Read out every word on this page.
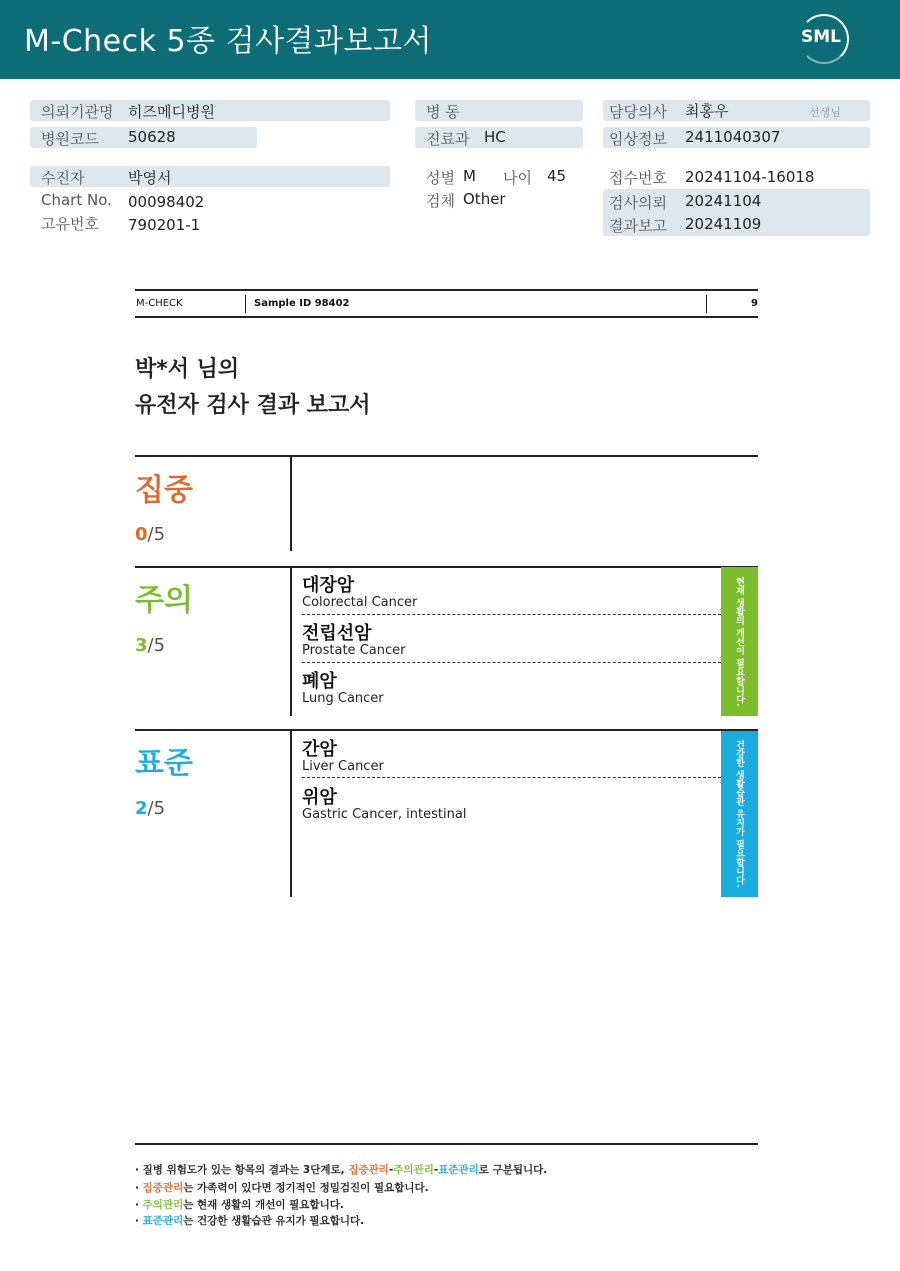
M-Check 5종 검사결과보고서	SML
의뢰기관명 히즈메디병원
병원코드 50628
수진자	박영서
Chart No. 00098402
고유번호 790201-1
병 동
진료과 HC
성별 M 나이 45
검체 Other
담당의사 최홍우	선생님
임상정보 2411040307
접수번호 20241104-16018
검사의뢰 20241104
결과보고 20241109
M-CHECK	Sample ID 98402	9
박*서 님의
유전자 검사 결과 보고서
집중
0/5
주의
3/5
대장암
Colorectal Cancer
전립선암
Prostate Cancer
폐암
Lung Cancer	현재 생활의 개선이 필요합니다.
표준
2/5
간암
Liver Cancer
위암
Gastric Cancer, intestinal	건강한 생활습관 유지가 필요합니다.
· 질병 위험도가 있는 항목의 결과는 3단계로, 집중관리-주의관리-표준관리로 구분됩니다.
· 집중관리는 가족력이 있다면 정기적인 정밀검진이 필요합니다.
· 주의관리는 현재 생활의 개선이 필요합니다.
· 표준관리는 건강한 생활습관 유지가 필요합니다.
